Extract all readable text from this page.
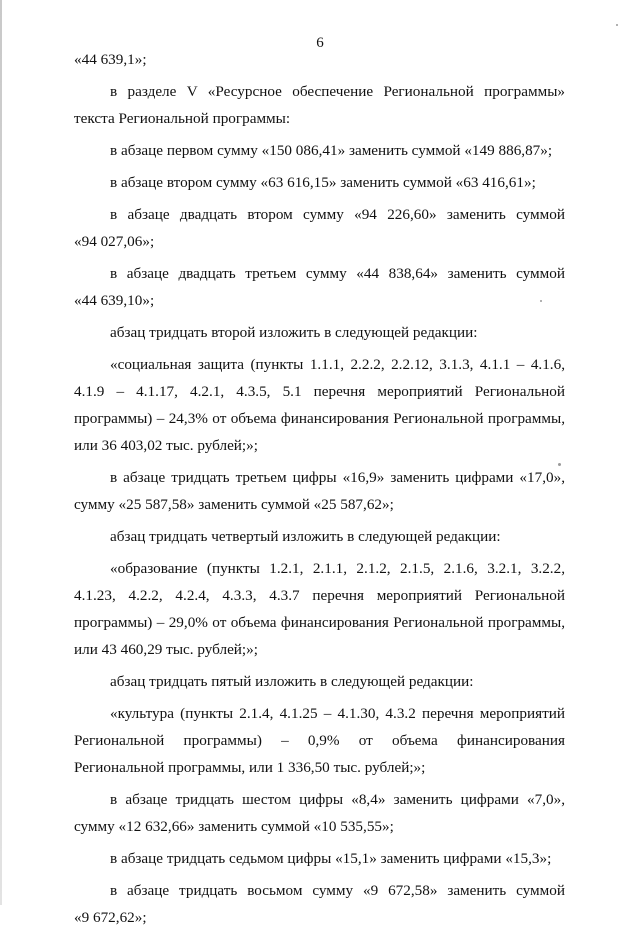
6
«44 639,1»;
в разделе V «Ресурсное обеспечение Региональной программы»
текста Региональной программы:
в абзаце первом сумму «150 086,41» заменить суммой «149 886,87»;
в абзаце втором сумму «63 616,15» заменить суммой «63 416,61»;
в абзаце двадцать втором сумму «94 226,60» заменить суммой
«94 027,06»;
в абзаце двадцать третьем сумму «44 838,64» заменить суммой
«44 639,10»;
абзац тридцать второй изложить в следующей редакции:
«социальная защита (пункты 1.1.1, 2.2.2, 2.2.12, 3.1.3, 4.1.1 – 4.1.6,
4.1.9 – 4.1.17, 4.2.1, 4.3.5, 5.1 перечня мероприятий Региональной
программы) – 24,3% от объема финансирования Региональной программы,
или 36 403,02 тыс. рублей;»;
в абзаце тридцать третьем цифры «16,9» заменить цифрами «17,0»,
сумму «25 587,58» заменить суммой «25 587,62»;
абзац тридцать четвертый изложить в следующей редакции:
«образование (пункты 1.2.1, 2.1.1, 2.1.2, 2.1.5, 2.1.6, 3.2.1, 3.2.2,
4.1.23, 4.2.2, 4.2.4, 4.3.3, 4.3.7 перечня мероприятий Региональной
программы) – 29,0% от объема финансирования Региональной программы,
или 43 460,29 тыс. рублей;»;
абзац тридцать пятый изложить в следующей редакции:
«культура (пункты 2.1.4, 4.1.25 – 4.1.30, 4.3.2 перечня мероприятий
Региональной программы) – 0,9% от объема финансирования
Региональной программы, или 1 336,50 тыс. рублей;»;
в абзаце тридцать шестом цифры «8,4» заменить цифрами «7,0»,
сумму «12 632,66» заменить суммой «10 535,55»;
в абзаце тридцать седьмом цифры «15,1» заменить цифрами «15,3»;
в абзаце тридцать восьмом сумму «9 672,58» заменить суммой
«9 672,62»;
